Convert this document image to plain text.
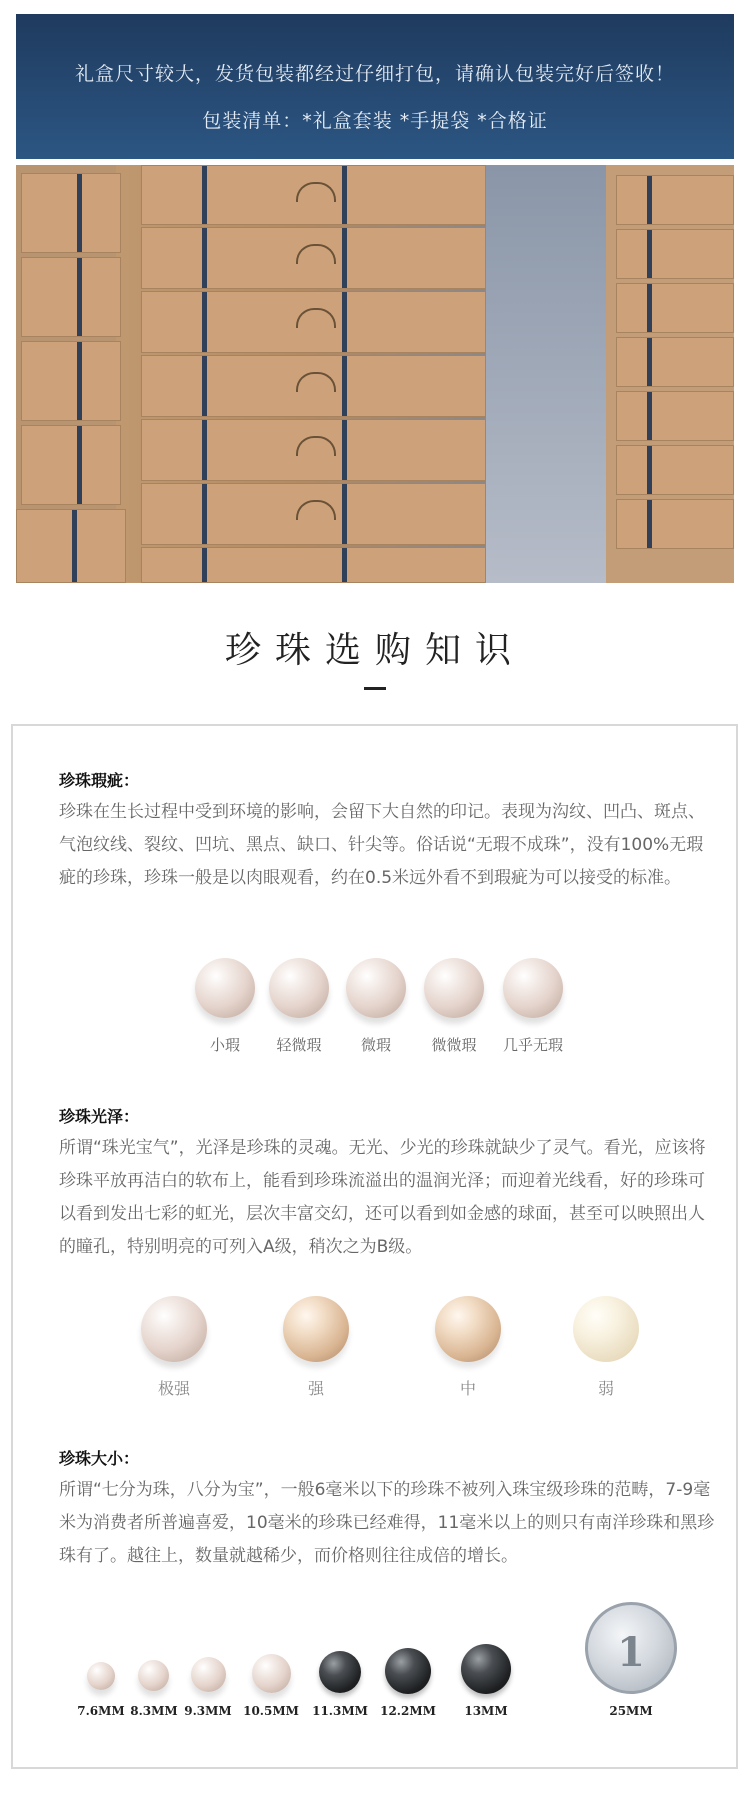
礼盒尺寸较大，发货包装都经过仔细打包，请确认包装完好后签收！
包装清单：*礼盒套装 *手提袋 *合格证
珍珠选购知识
珍珠瑕疵：
珍珠在生长过程中受到环境的影响，会留下大自然的印记。表现为沟纹、凹凸、斑点、气泡纹线、裂纹、凹坑、黑点、缺口、针尖等。俗话说“无瑕不成珠”，没有100%无瑕疵的珍珠，珍珠一般是以肉眼观看，约在0.5米远外看不到瑕疵为可以接受的标准。
小瑕	轻微瑕	微瑕	微微瑕	几乎无瑕
珍珠光泽：
所谓“珠光宝气”，光泽是珍珠的灵魂。无光、少光的珍珠就缺少了灵气。看光，应该将珍珠平放再洁白的软布上，能看到珍珠流溢出的温润光泽；而迎着光线看，好的珍珠可以看到发出七彩的虹光，层次丰富交幻，还可以看到如金感的球面，甚至可以映照出人的瞳孔，特别明亮的可列入A级，稍次之为B级。
极强	强	中	弱
珍珠大小：
所谓“七分为珠，八分为宝”，一般6毫米以下的珍珠不被列入珠宝级珍珠的范畴，7-9毫米为消费者所普遍喜爱，10毫米的珍珠已经难得，11毫米以上的则只有南洋珍珠和黑珍珠有了。越往上，数量就越稀少，而价格则往往成倍的增长。
1
7.6MM 8.3MM 9.3MM 10.5MM	11.3MM	12.2MM	13MM	25MM
